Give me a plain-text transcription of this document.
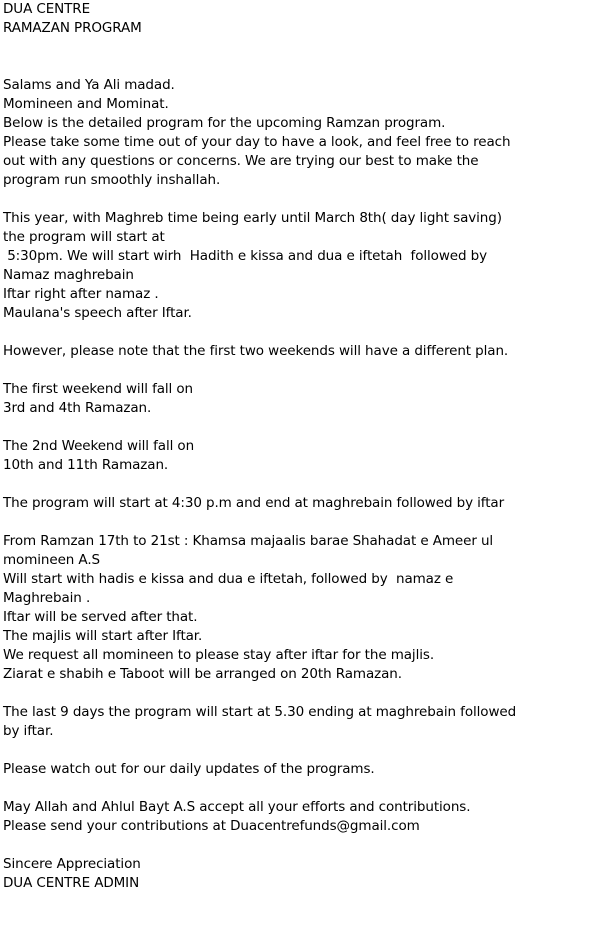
DUA CENTRE
RAMAZAN PROGRAM
Salams and Ya Ali madad.
Momineen and Mominat.
Below is the detailed program for the upcoming Ramzan program.
Please take some time out of your day to have a look, and feel free to reach
out with any questions or concerns. We are trying our best to make the
program run smoothly inshallah.
This year, with Maghreb time being early until March 8th( day light saving)
the program will start at
5:30pm. We will start wirh  Hadith e kissa and dua e iftetah  followed by
Namaz maghrebain
Iftar right after namaz .
Maulana's speech after Iftar.
However, please note that the first two weekends will have a different plan.
The first weekend will fall on
3rd and 4th Ramazan.
The 2nd Weekend will fall on
10th and 11th Ramazan.
The program will start at 4:30 p.m and end at maghrebain followed by iftar
From Ramzan 17th to 21st : Khamsa majaalis barae Shahadat e Ameer ul
momineen A.S
Will start with hadis e kissa and dua e iftetah, followed by  namaz e
Maghrebain .
Iftar will be served after that.
The majlis will start after Iftar.
We request all momineen to please stay after iftar for the majlis.
Ziarat e shabih e Taboot will be arranged on 20th Ramazan.
The last 9 days the program will start at 5.30 ending at maghrebain followed
by iftar.
Please watch out for our daily updates of the programs.
May Allah and Ahlul Bayt A.S accept all your efforts and contributions.
Please send your contributions at Duacentrefunds@gmail.com
Sincere Appreciation
DUA CENTRE ADMIN
